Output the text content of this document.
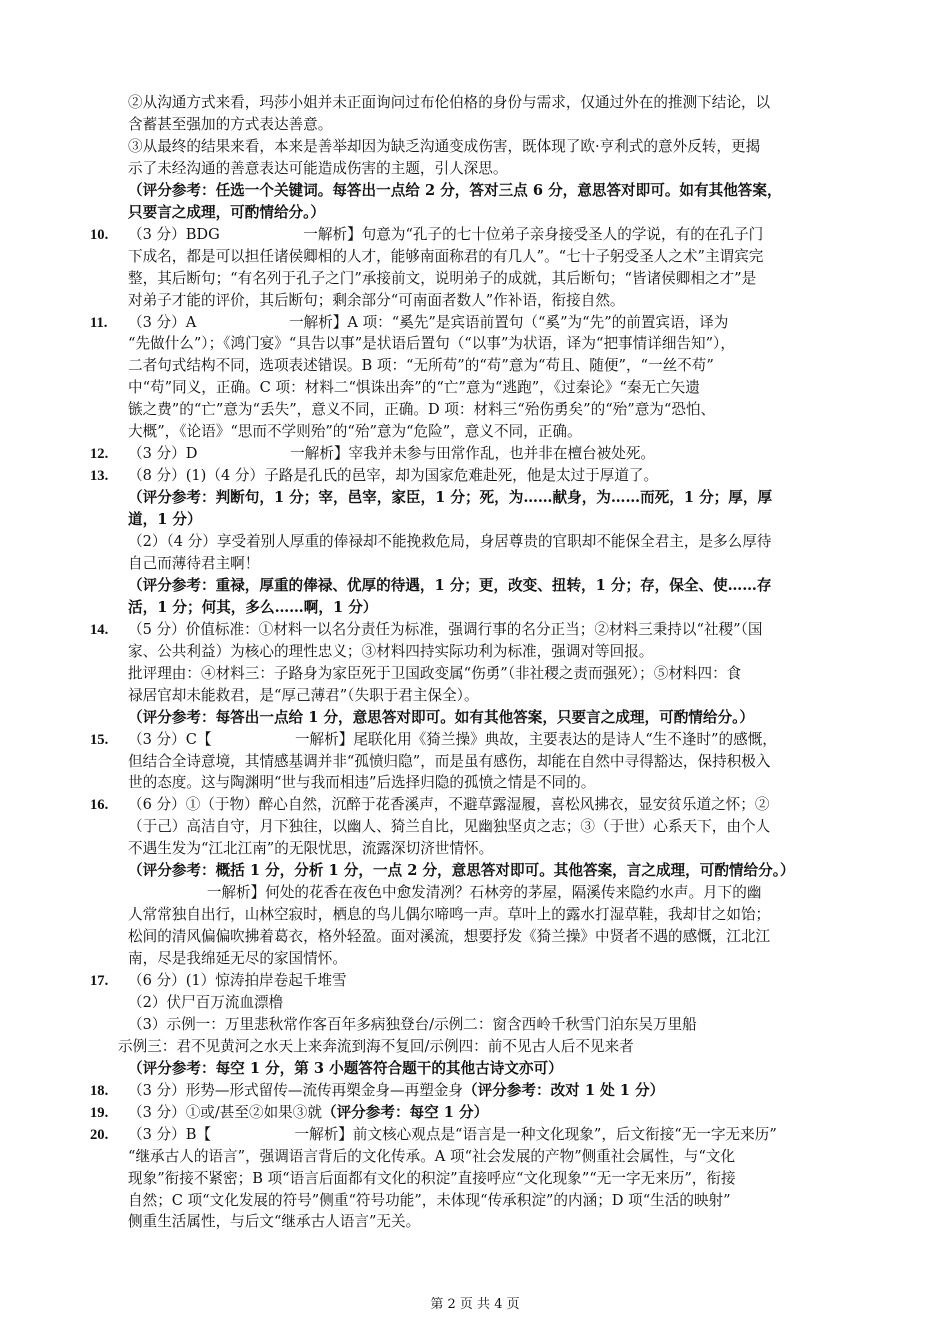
②从沟通方式来看，玛莎小姐并未正面询问过布伦伯格的身份与需求，仅通过外在的推测下结论，以
含蓄甚至强加的方式表达善意。
③从最终的结果来看，本来是善举却因为缺乏沟通变成伤害，既体现了欧·亨利式的意外反转，更揭
示了未经沟通的善意表达可能造成伤害的主题，引人深思。
（评分参考：任选一个关键词。每答出一点给 2 分，答对三点 6 分，意思答对即可。如有其他答案，
只要言之成理，可酌情给分。）
10. （3 分）BDG                  一解析】句意为“孔子的七十位弟子亲身接受圣人的学说，有的在孔子门
下成名，都是可以担任诸侯卿相的人才，能够南面称君的有几人”。“七十子躬受圣人之术”主谓宾完
整，其后断句；“有名列于孔子之门”承接前文，说明弟子的成就，其后断句；“皆诸侯卿相之才”是
对弟子才能的评价，其后断句；剩余部分“可南面者数人”作补语，衔接自然。
11. （3 分）A                    一解析】A 项：“奚先”是宾语前置句（“奚”为“先”的前置宾语，译为
“先做什么”）；《鸿门宴》“具告以事”是状语后置句（“以事”为状语，译为“把事情详细告知”），
二者句式结构不同，选项表述错误。B 项：“无所苟”的“苟”意为“苟且、随便”，“一丝不苟”
中“苟”同义，正确。C 项：材料二“惧诛出奔”的“亡”意为“逃跑”，《过秦论》“秦无亡矢遗
镞之费”的“亡”意为“丢失”，意义不同，正确。D 项：材料三“殆伤勇矣”的“殆”意为“恐怕、
大概”，《论语》“思而不学则殆”的“殆”意为“危险”，意义不同，正确。
12. （3 分）D                    一解析】宰我并未参与田常作乱，也并非在檀台被处死。
13. （8 分）(1)（4 分）子路是孔氏的邑宰，却为国家危难赴死，他是太过于厚道了。
（评分参考：判断句，1 分；宰，邑宰，家臣，1 分；死，为……献身，为……而死，1 分；厚，厚
道，1 分）
（2）（4 分）享受着别人厚重的俸禄却不能挽救危局，身居尊贵的官职却不能保全君主，是多么厚待
自己而薄待君主啊！
（评分参考：重禄，厚重的俸禄、优厚的待遇，1 分；更，改变、扭转，1 分；存，保全、使……存
活，1 分；何其，多么……啊，1 分）
14. （5 分）价值标准：①材料一以名分责任为标准，强调行事的名分正当；②材料三秉持以“社稷”（国
家、公共利益）为核心的理性忠义；③材料四持实际功利为标准，强调对等回报。
批评理由：④材料三：子路身为家臣死于卫国政变属“伤勇”（非社稷之责而强死）；⑤材料四：食
禄居官却未能救君，是“厚己薄君”（失职于君主保全）。
（评分参考：每答出一点给 1 分，意思答对即可。如有其他答案，只要言之成理，可酌情给分。）
15. （3 分）C【                  一解析】尾联化用《猗兰操》典故，主要表达的是诗人“生不逢时”的感慨，
但结合全诗意境，其情感基调并非“孤愤归隐”，而是虽有感伤，却能在自然中寻得豁达，保持积极入
世的态度。这与陶渊明“世与我而相违”后选择归隐的孤愤之情是不同的。
16. （6 分）①（于物）醉心自然，沉醉于花香溪声，不避草露湿履，喜松风拂衣，显安贫乐道之怀；②
（于己）高洁自守，月下独往，以幽人、猗兰自比，见幽独坚贞之志；③（于世）心系天下，由个人
不遇生发为“江北江南”的无限忧思，流露深切济世情怀。
（评分参考：概括 1 分，分析 1 分，一点 2 分，意思答对即可。其他答案，言之成理，可酌情给分。）
一解析】何处的花香在夜色中愈发清冽？石林旁的茅屋，隔溪传来隐约水声。月下的幽
人常常独自出行，山林空寂时，栖息的鸟儿偶尔啼鸣一声。草叶上的露水打湿草鞋，我却甘之如饴；
松间的清风偏偏吹拂着葛衣，格外轻盈。面对溪流，想要抒发《猗兰操》中贤者不遇的感慨，江北江
南，尽是我绵延无尽的家国情怀。
17. （6 分）(1）惊涛拍岸卷起千堆雪
（2）伏尸百万流血漂橹
（3）示例一：万里悲秋常作客百年多病独登台/示例二：窗含西岭千秋雪门泊东吴万里船
示例三：君不见黄河之水天上来奔流到海不复回/示例四：前不见古人后不见来者
（评分参考：每空 1 分，第 3 小题答符合题干的其他古诗文亦可）
18. （3 分）形势—形式留传—流传再槊金身—再塑金身（评分参考：改对 1 处 1 分）
19. （3 分）①或/甚至②如果③就（评分参考：每空 1 分）
20. （3 分）B【                  一解析】前文核心观点是“语言是一种文化现象”，后文衔接“无一字无来历”
“继承古人的语言”，强调语言背后的文化传承。A 项“社会发展的产物”侧重社会属性，与“文化
现象”衔接不紧密；B 项“语言后面都有文化的积淀”直接呼应“文化现象”“无一字无来历”，衔接
自然；C 项“文化发展的符号”侧重“符号功能”，未体现“传承积淀”的内涵；D 项“生活的映射”
侧重生活属性，与后文“继承古人语言”无关。
第 2 页 共 4 页
